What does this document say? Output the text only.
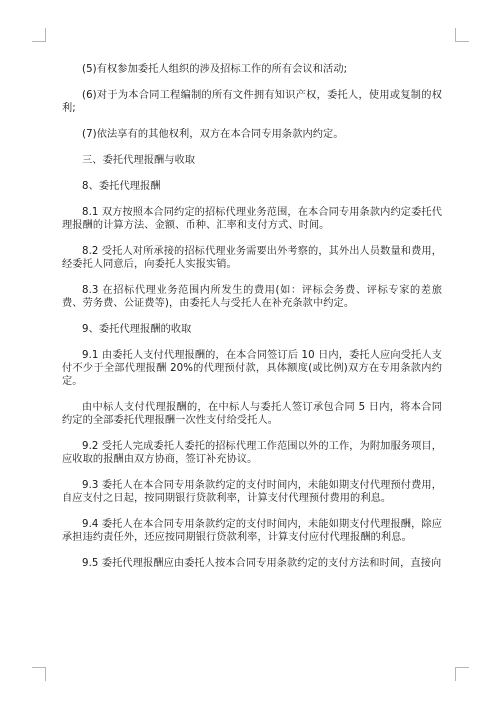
(5)有权参加委托人组织的涉及招标工作的所有会议和活动;

(6)对于为本合同工程编制的所有文件拥有知识产权，委托人，使用或复制的权利;

(7)依法享有的其他权利，双方在本合同专用条款内约定。

三、委托代理报酬与收取

8、委托代理报酬

8.1 双方按照本合同约定的招标代理业务范围，在本合同专用条款内约定委托代理报酬的计算方法、金额、币种、汇率和支付方式、时间。

8.2 受托人对所承接的招标代理业务需要出外考察的，其外出人员数量和费用，经委托人同意后，向委托人实报实销。

8.3 在招标代理业务范围内所发生的费用(如：评标会务费、评标专家的差旅费、劳务费、公证费等)，由委托人与受托人在补充条款中约定。

9、委托代理报酬的收取

9.1 由委托人支付代理报酬的，在本合同签订后 10 日内，委托人应向受托人支付不少于全部代理报酬 20%的代理预付款，具体额度(或比例)双方在专用条款内约定。

由中标人支付代理报酬的，在中标人与委托人签订承包合同 5 日内，将本合同约定的全部委托代理报酬一次性支付给受托人。

9.2 受托人完成委托人委托的招标代理工作范围以外的工作，为附加服务项目，应收取的报酬由双方协商，签订补充协议。

9.3 委托人在本合同专用条款约定的支付时间内，未能如期支付代理预付费用，自应支付之日起，按同期银行贷款利率，计算支付代理预付费用的利息。

9.4 委托人在本合同专用条款约定的支付时间内，未能如期支付代理报酬，除应承担违约责任外，还应按同期银行贷款利率，计算支付应付代理报酬的利息。

9.5 委托代理报酬应由委托人按本合同专用条款约定的支付方法和时间，直接向
